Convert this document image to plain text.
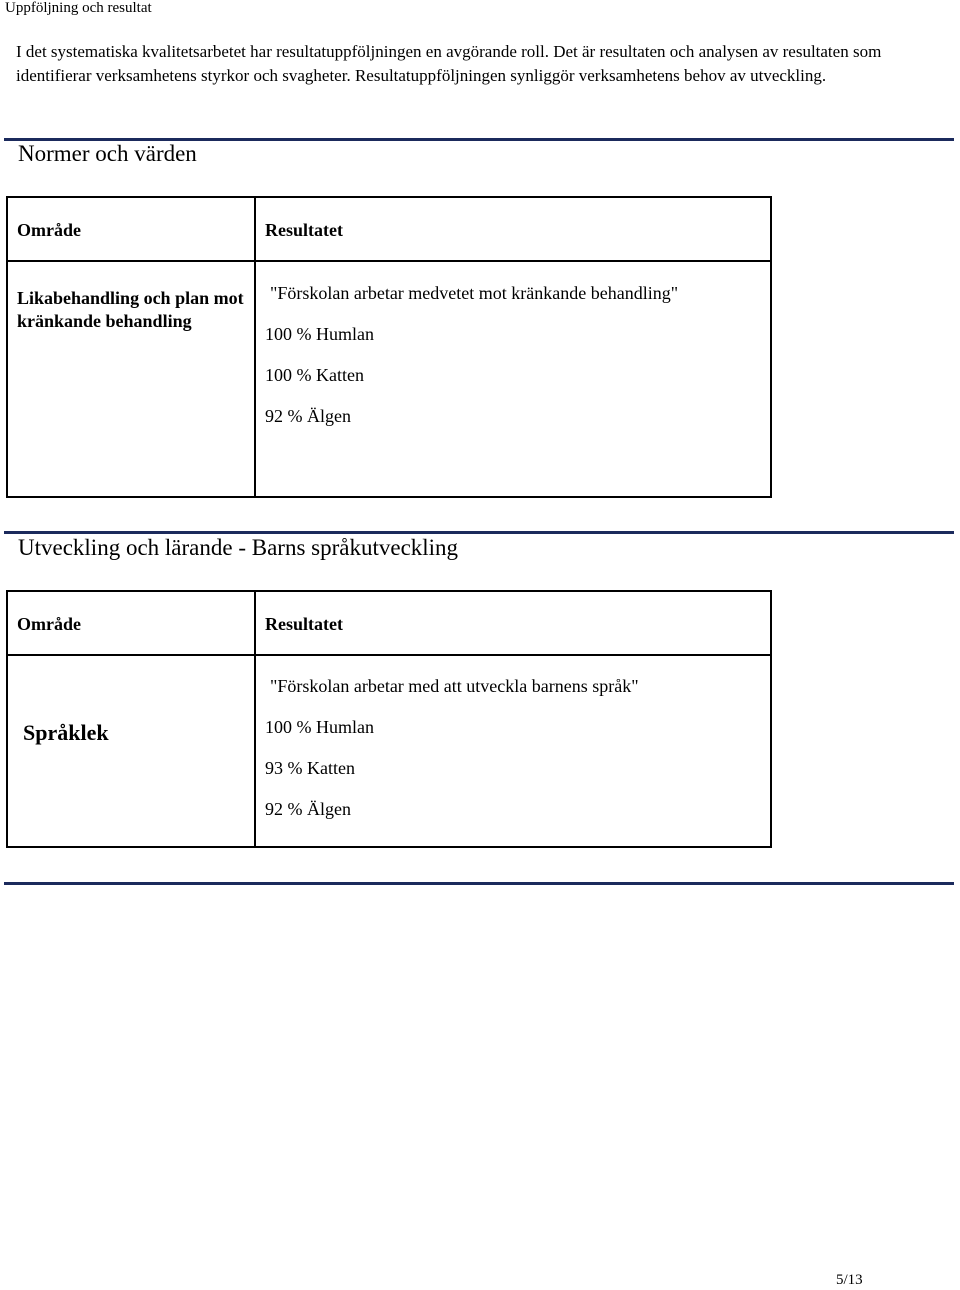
Uppföljning och resultat

I det systematiska kvalitetsarbetet har resultatuppföljningen en avgörande roll. Det är resultaten och analysen av resultaten som identifierar verksamhetens styrkor och svagheter. Resultatuppföljningen synliggör verksamhetens behov av utveckling.

Normer och värden
Område	Resultatet

Likabehandling och plan mot kränkande behandling	"Förskolan arbetar medvetet mot kränkande behandling"
100 % Humlan
100 % Katten
92 % Älgen
Utveckling och lärande - Barns språkutveckling
Område	Resultatet

Språklek	"Förskolan arbetar med att utveckla barnens språk"
100 % Humlan
93 % Katten
92 % Älgen
5/13
